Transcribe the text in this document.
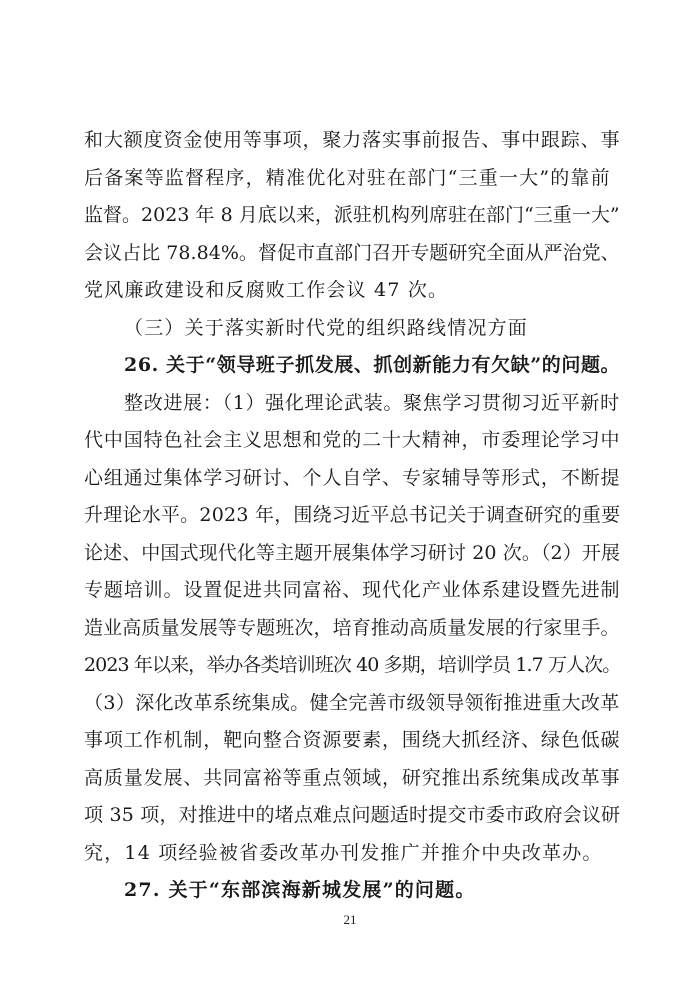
和大额度资金使用等事项，聚力落实事前报告、事中跟踪、事
后备案等监督程序，精准优化对驻在部门“三重一大”的靠前
监督。2023 年 8 月底以来，派驻机构列席驻在部门“三重一大”
会议占比 78.84%。督促市直部门召开专题研究全面从严治党、
党风廉政建设和反腐败工作会议 47 次。
（三）关于落实新时代党的组织路线情况方面
26. 关于“领导班子抓发展、抓创新能力有欠缺”的问题。
整改进展：（1）强化理论武装。聚焦学习贯彻习近平新时
代中国特色社会主义思想和党的二十大精神，市委理论学习中
心组通过集体学习研讨、个人自学、专家辅导等形式，不断提
升理论水平。2023 年，围绕习近平总书记关于调查研究的重要
论述、中国式现代化等主题开展集体学习研讨 20 次。（2）开展
专题培训。设置促进共同富裕、现代化产业体系建设暨先进制
造业高质量发展等专题班次，培育推动高质量发展的行家里手。
2023 年以来，举办各类培训班次 40 多期，培训学员 1.7 万人次。
（3）深化改革系统集成。健全完善市级领导领衔推进重大改革
事项工作机制，靶向整合资源要素，围绕大抓经济、绿色低碳
高质量发展、共同富裕等重点领域，研究推出系统集成改革事
项 35 项，对推进中的堵点难点问题适时提交市委市政府会议研
究，14 项经验被省委改革办刊发推广并推介中央改革办。
27. 关于“东部滨海新城发展”的问题。
21
